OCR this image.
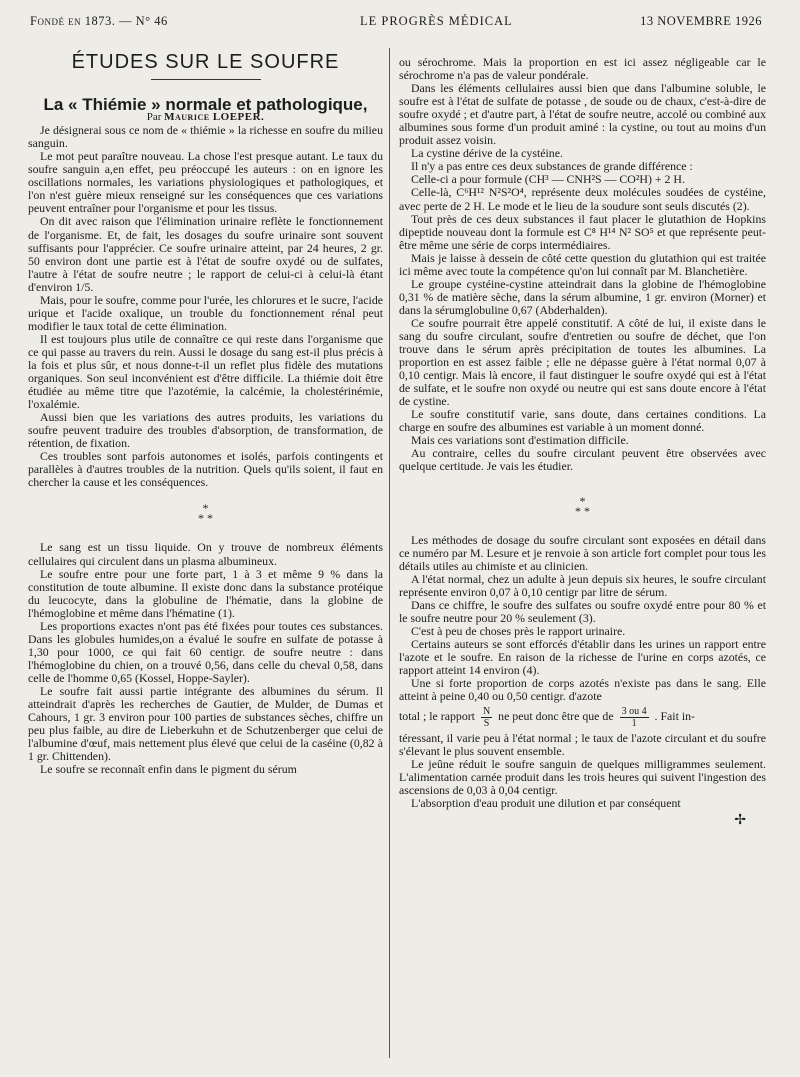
Fondé en 1873. — N° 46	LE PROGRÈS MÉDICAL	13 NOVEMBRE 1926

ÉTUDES SUR LE SOUFRE

La « Thiémie » normale et pathologique,

Par Maurice LOEPER.

Je désignerai sous ce nom de « thiémie » la richesse en soufre du milieu sanguin.

Le mot peut paraître nouveau. La chose l'est presque autant. Le taux du soufre sanguin a,en effet, peu préoccupé les auteurs : on en ignore les oscillations normales, les variations physiologiques et pathologiques, et l'on n'est guère mieux renseigné sur les conséquences que ces variations peuvent entraîner pour l'organisme et pour les tissus.

On dit avec raison que l'élimination urinaire reflète le fonctionnement de l'organisme. Et, de fait, les dosages du soufre urinaire sont souvent suffisants pour l'apprécier. Ce soufre urinaire atteint, par 24 heures, 2 gr. 50 environ dont une partie est à l'état de soufre oxydé ou de sulfates, l'autre à l'état de soufre neutre ; le rapport de celui-ci à celui-là étant d'environ 1/5.

Mais, pour le soufre, comme pour l'urée, les chlorures et le sucre, l'acide urique et l'acide oxalique, un trouble du fonctionnement rénal peut modifier le taux total de cette élimination.

Il est toujours plus utile de connaître ce qui reste dans l'organisme que ce qui passe au travers du rein. Aussi le dosage du sang est-il plus précis à la fois et plus sûr, et nous donne-t-il un reflet plus fidèle des mutations organiques. Son seul inconvénient est d'être difficile. La thiémie doit être étudiée au même titre que l'azotémie, la calcémie, la cholestérinémie, l'oxalémie.

Aussi bien que les variations des autres produits, les variations du soufre peuvent traduire des troubles d'absorption, de transformation, de rétention, de fixation.

Ces troubles sont parfois autonomes et isolés, parfois contingents et parallèles à d'autres troubles de la nutrition. Quels qu'ils soient, il faut en chercher la cause et les conséquences.

*
* *

Le sang est un tissu liquide. On y trouve de nombreux éléments cellulaires qui circulent dans un plasma albumineux.

Le soufre entre pour une forte part, 1 à 3 et même 9 % dans la constitution de toute albumine. Il existe donc dans la substance protéique du leucocyte, dans la globuline de l'hématie, dans la globine de l'hémoglobine et même dans l'hématine (1).

Les proportions exactes n'ont pas été fixées pour toutes ces substances. Dans les globules humides,on a évalué le soufre en sulfate de potasse à 1,30 pour 1000, ce qui fait 60 centigr. de soufre neutre : dans l'hémoglobine du chien, on a trouvé 0,56, dans celle du cheval 0,58, dans celle de l'homme 0,65 (Kossel, Hoppe-Sayler).

Le soufre fait aussi partie intégrante des albumines du sérum. Il atteindrait d'après les recherches de Gautier, de Mulder, de Dumas et Cahours, 1 gr. 3 environ pour 100 parties de substances sèches, chiffre un peu plus faible, au dire de Lieberkuhn et de Schutzenberger que celui de l'albumine d'œuf, mais nettement plus élevé que celui de la caséine (0,82 à 1 gr. Chittenden).

Le soufre se reconnaît enfin dans le pigment du sérum

ou sérochrome. Mais la proportion en est ici assez négligeable car le sérochrome n'a pas de valeur pondérale.

Dans les éléments cellulaires aussi bien que dans l'albumine soluble, le soufre est à l'état de sulfate de potasse , de soude ou de chaux, c'est-à-dire de soufre oxydé ; et d'autre part, à l'état de soufre neutre, accolé ou combiné aux albumines sous forme d'un produit aminé : la cystine, ou tout au moins d'un produit assez voisin.

La cystine dérive de la cystéine.

Il n'y a pas entre ces deux substances de grande différence :

Celle-ci a pour formule (CH³ — CNH²S — CO²H) + 2 H.

Celle-là, C⁶H¹² N²S²O⁴, représente deux molécules soudées de cystéine, avec perte de 2 H. Le mode et le lieu de la soudure sont seuls discutés (2).

Tout près de ces deux substances il faut placer le glutathion de Hopkins dipeptide nouveau dont la formule est C⁸ H¹⁴ N² SO⁵ et que représente peut-être même une série de corps intermédiaires.

Mais je laisse à dessein de côté cette question du glutathion qui est traitée ici même avec toute la compétence qu'on lui connaît par M. Blanchetière.

Le groupe cystéine-cystine atteindrait dans la globine de l'hémoglobine 0,31 % de matière sèche, dans la sérum albumine, 1 gr. environ (Morner) et dans la sérumglobuline 0,67 (Abderhalden).

Ce soufre pourrait être appelé constitutif. A côté de lui, il existe dans le sang du soufre circulant, soufre d'entretien ou soufre de déchet, que l'on trouve dans le sérum après précipitation de toutes les albumines. La proportion en est assez faible ; elle ne dépasse guère à l'état normal 0,07 à 0,10 centigr. Mais là encore, il faut distinguer le soufre oxydé qui est à l'état de sulfate, et le soufre non oxydé ou neutre qui est sans doute encore à l'état de cystine.

Le soufre constitutif varie, sans doute, dans certaines conditions. La charge en soufre des albumines est variable à un moment donné.

Mais ces variations sont d'estimation difficile.

Au contraire, celles du soufre circulant peuvent être observées avec quelque certitude. Je vais les étudier.

*
* *

Les méthodes de dosage du soufre circulant sont exposées en détail dans ce numéro par M. Lesure et je renvoie à son article fort complet pour tous les détails utiles au chimiste et au clinicien.

A l'état normal, chez un adulte à jeun depuis six heures, le soufre circulant représente environ 0,07 à 0,10 centigr par litre de sérum.

Dans ce chiffre, le soufre des sulfates ou soufre oxydé entre pour 80 % et le soufre neutre pour 20 % seulement (3).

C'est à peu de choses près le rapport urinaire.

Certains auteurs se sont efforcés d'établir dans les urines un rapport entre l'azote et le soufre. En raison de la richesse de l'urine en corps azotés, ce rapport atteint 14 environ (4).

Une si forte proportion de corps azotés n'existe pas dans le sang. Elle atteint à peine 0,40 ou 0,50 centigr. d'azote

total ; le rapport $\frac{N}{S}$ ne peut donc être que de $\frac{3 ou 4}{1}$ . Fait in-

téressant, il varie peu à l'état normal ; le taux de l'azote circulant et du soufre s'élevant le plus souvent ensemble.

Le jeûne réduit le soufre sanguin de quelques milligrammes seulement. L'alimentation carnée produit dans les trois heures qui suivent l'ingestion des ascensions de 0,03 à 0,04 centigr.

L'absorption d'eau produit une dilution et par conséquent

✢
